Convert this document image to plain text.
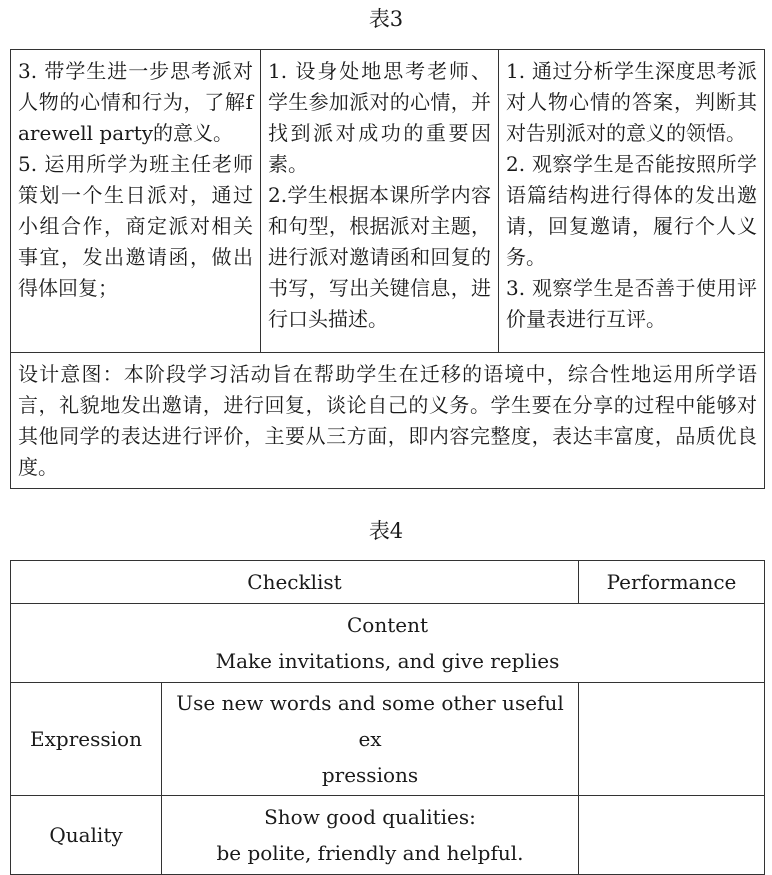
表3
3. 带学生进一步思考派对人物的心情和行为，了解farewell party的意义。
5. 运用所学为班主任老师策划一个生日派对，通过小组合作，商定派对相关事宜，发出邀请函，做出得体回复；

1. 设身处地思考老师、学生参加派对的心情，并找到派对成功的重要因素。
2.学生根据本课所学内容和句型，根据派对主题，进行派对邀请函和回复的书写，写出关键信息，进行口头描述。

1. 通过分析学生深度思考派对人物心情的答案，判断其对告别派对的意义的领悟。
2. 观察学生是否能按照所学语篇结构进行得体的发出邀请，回复邀请，履行个人义务。
3. 观察学生是否善于使用评价量表进行互评。

设计意图：本阶段学习活动旨在帮助学生在迁移的语境中，综合性地运用所学语言，礼貌地发出邀请，进行回复，谈论自己的义务。学生要在分享的过程中能够对其他同学的表达进行评价，主要从三方面，即内容完整度，表达丰富度，品质优良度。
表4
Checklist		Performance

Content
Make invitations, and give replies		

Expression	Use new words and some other useful ex
pressions	

Quality	Show good qualities:
be polite, friendly and helpful.	
